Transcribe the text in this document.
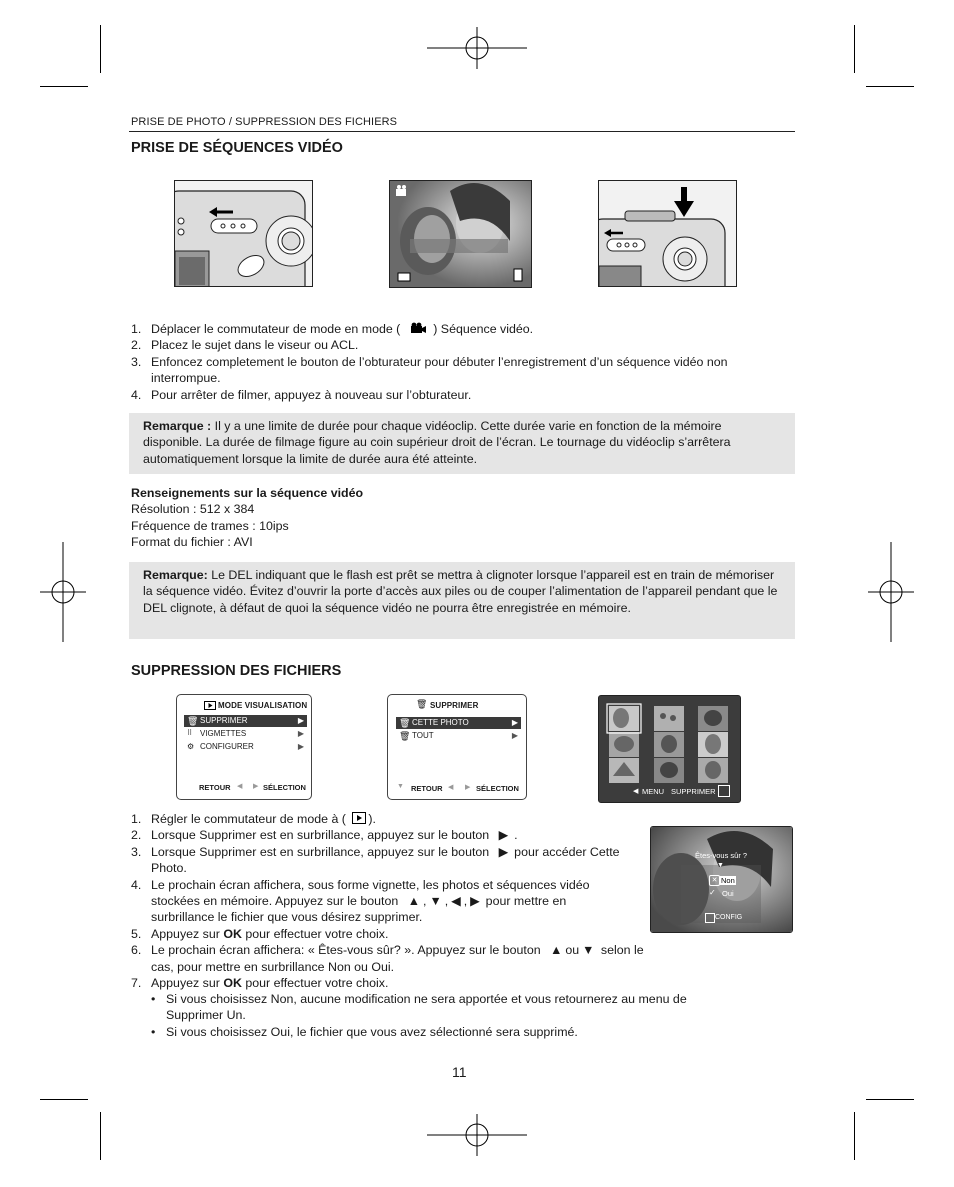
PRISE DE PHOTO / SUPPRESSION DES FICHIERS
PRISE DE SÉQUENCES VIDÉO
1. Déplacer le commutateur de mode en mode (	) Séquence vidéo.
2. Placez le sujet dans le viseur ou ACL.
3. Enfoncez completement le bouton de l’obturateur pour débuter l’enregistrement d’un séquence vidéo non interrompue.
4. Pour arrêter de filmer, appuyez à nouveau sur l’obturateur.
Remarque : Il y a une limite de durée pour chaque vidéoclip. Cette durée varie en fonction de la mémoire disponible. La durée de filmage figure au coin supérieur droit de l’écran. Le tournage du vidéoclip s’arrêtera automatiquement lorsque la limite de durée aura été atteinte.
Renseignements sur la séquence vidéo
Résolution : 512 x 384
Fréquence de trames : 10ips
Format du fichier : AVI
Remarque: Le DEL indiquant que le flash est prêt se mettra à clignoter lorsque l’appareil est en train de mémoriser la séquence vidéo. Évitez d’ouvrir la porte d’accès aux piles ou de couper l’alimentation de l’appareil pendant que le DEL clignote, à défaut de quoi la séquence vidéo ne pourra être enregistrée en mémoire.
SUPPRESSION DES FICHIERS
MODE VISUALISATION
🗑 SUPPRIMER	▶
⠿ VIGMETTES	▶
⚙ CONFIGURER	▶
RETOUR ◀ ▶ SÉLECTION
🗑 SUPPRIMER
🗑 CETTE PHOTO	▶
🗑 TOUT	▶
▼ RETOUR ◀ ▶ SÉLECTION	◀ MENU SUPPRIMER
Êtes-vous sûr ?
▼
✕ Non
✓ Oui
CONFIG
1. Régler le commutateur de mode à ( ).
2. Lorsque Supprimer est en surbrillance, appuyez sur le bouton ▶ .
3. Lorsque Supprimer est en surbrillance, appuyez sur le bouton ▶ pour accéder Cette Photo.
4. Le prochain écran affichera, sous forme vignette, les photos et séquences vidéo stockées en mémoire. Appuyez sur le bouton ▲ , ▼ , ◀ , ▶ pour mettre en surbrillance le fichier que vous désirez supprimer.
5. Appuyez sur OK pour effectuer votre choix.
6. Le prochain écran affichera: « Êtes-vous sûr? ». Appuyez sur le bouton ▲ ou ▼ selon le cas, pour mettre en surbrillance Non ou Oui.
7. Appuyez sur OK pour effectuer votre choix.
• Si vous choisissez Non, aucune modification ne sera apportée et vous retournerez au menu de Supprimer Un.
• Si vous choisissez Oui, le fichier que vous avez sélectionné sera supprimé.
11
